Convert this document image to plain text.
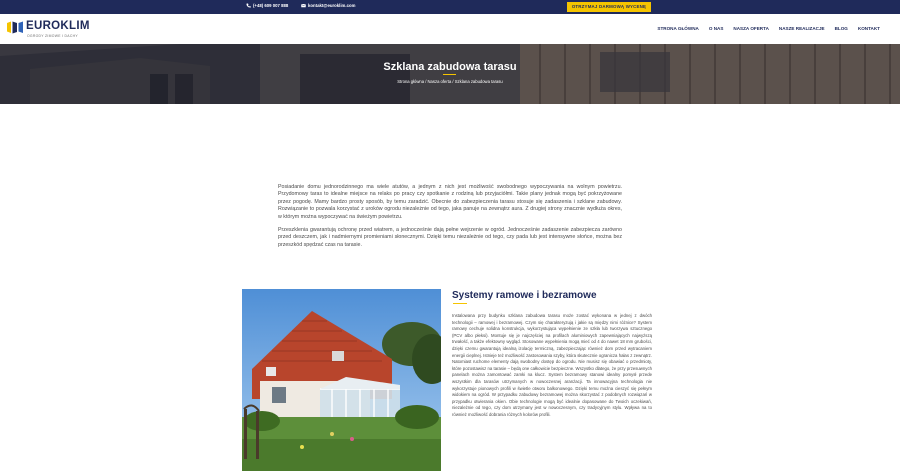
(+48) 609 007 888	kontakt@euroklim.com	OTRZYMAJ DARMOWĄ WYCENĘ
EUROKLIM
OGRODY ZIMOWE I DACHY
STRONA GŁÓWNA O NAS NASZA OFERTA NASZE REALIZACJE BLOG KONTAKT
Szklana zabudowa tarasu
Strona główna / Nasza oferta / Szklana zabudowa tarasu

Posiadanie domu jednorodzinnego ma wiele atutów, a jednym z nich jest możliwość swobodnego wypoczywania na wolnym powietrzu. Przydomowy taras to idealne miejsce na relaks po pracy czy spotkanie z rodziną lub przyjaciółmi. Takie plany jednak mogą być pokrzyżowane przez pogodę. Mamy bardzo prosty sposób, by temu zaradzić. Obecnie do zabezpieczenia tarasu stosuje się zadaszenia i szklane zabudowy. Rozwiązanie to pozwala korzystać z uroków ogrodu niezależnie od tego, jaka panuje na zewnątrz aura. Z drugiej strony znacznie wydłuża okres, w którym można wypoczywać na świeżym powietrzu.

Przeszklenia gwarantują ochronę przed wiatrem, a jednocześnie dają pełne wejrzenie w ogród. Jednocześnie zadaszenie zabezpiecza zarówno przed deszczem, jak i nadmiernymi promieniami słonecznymi. Dzięki temu niezależnie od tego, czy pada lub jest intensywne słońce, można bez przeszkód spędzać czas na tarasie.

Systemy ramowe i bezramowe
Instalowana przy budynku szklana zabudowa tarasu może zostać wykonana w jednej z dwóch technologii – ramowej i bezramowej. Czym się charakteryzują i jakie są między nimi różnice? System ramowy cechuje solidna konstrukcja, wykorzystująca wypełnienie ze szkła lub tworzywa sztucznego (PCV albo płeksi). Montuje się je najczęściej na profilach aluminiowych zapewniających najwyższą trwałość, a także efektowny wygląd. Stosowane wypełnienia mogą mieć od 4 do nawet 18 mm grubości, dzięki czemu gwarantują idealną izolację termiczną, zabezpieczając również dom przed wytracaniem energii cieplnej. Istnieje też możliwość zastosowania szyby, która skutecznie ogranicza hałas z zewnątrz. Natomiast ruchome elementy dają swobodny dostęp do ogrodu. Nie musisz się obawiać o przedmioty, które pozostawisz na tarasie – będą one całkowicie bezpieczne. Wszystko dlatego, że przy przesuwnych panelach można zamontować zamki na klucz. System bezramowy stanowi idealny pomysł przede wszystkim dla tarasów utrzymanych w nowoczesnej aranżacji. Ta innowacyjna technologia nie wykorzystuje pionowych profili w świetle otworu balkonowego. Dzięki temu można cieszyć się pełnym widokiem na ogród. W przypadku zabudowy bezramowej można skorzystać z podobnych rozwiązań w przypadku otwierania okien. Obie technologie mogą być idealnie dopasowane do Twoich oczekiwań, niezależnie od tego, czy dom utrzymany jest w nowoczesnym, czy tradycyjnym stylu. Wpływa na to również możliwość dobrania różnych kolorów profili.
